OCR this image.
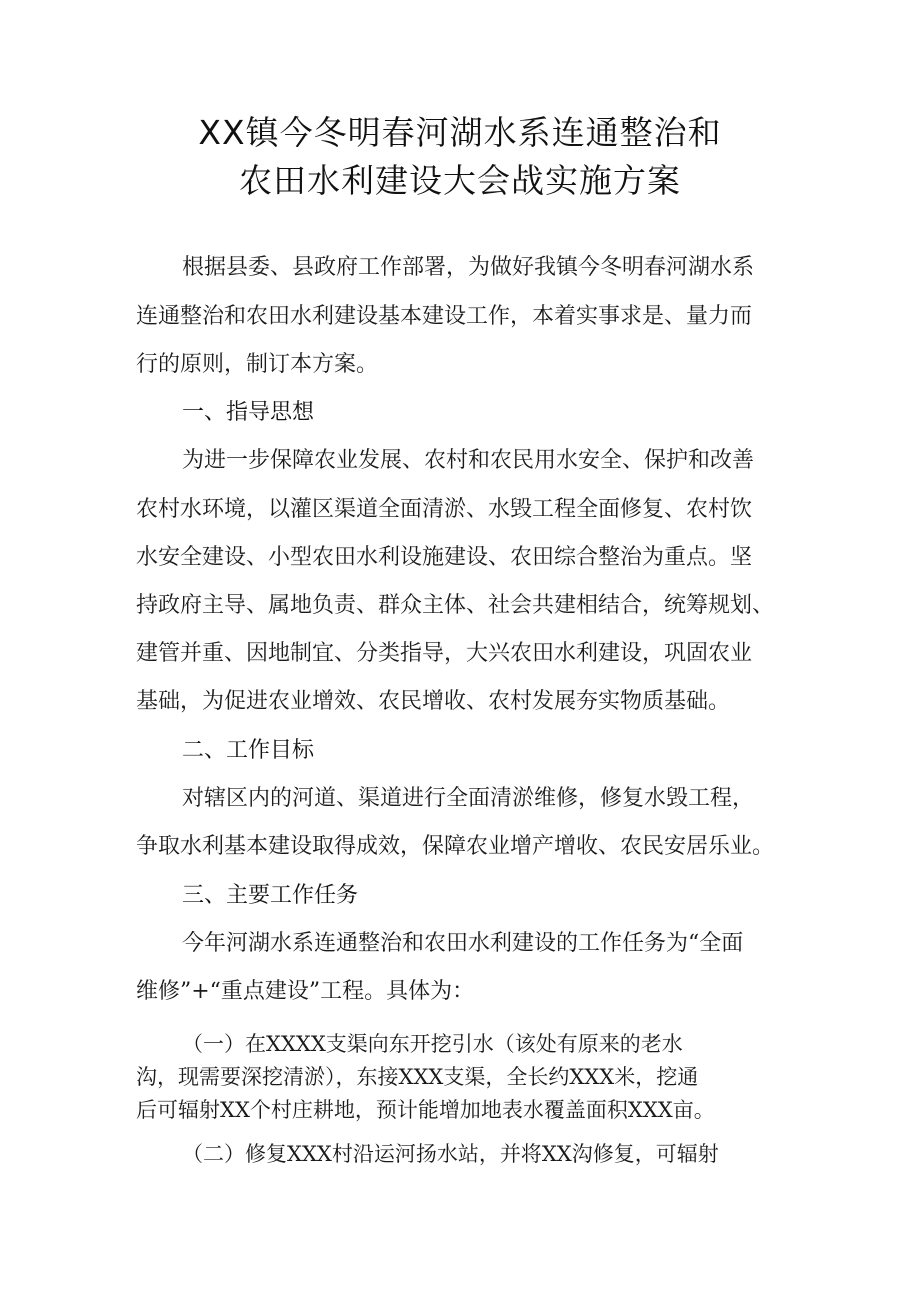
XX镇今冬明春河湖水系连通整治和
农田水利建设大会战实施方案
根据县委、县政府工作部署，为做好我镇今冬明春河湖水系
连通整治和农田水利建设基本建设工作，本着实事求是、量力而
行的原则，制订本方案。
一、指导思想
为进一步保障农业发展、农村和农民用水安全、保护和改善
农村水环境，以灌区渠道全面清淤、水毁工程全面修复、农村饮
水安全建设、小型农田水利设施建设、农田综合整治为重点。坚
持政府主导、属地负责、群众主体、社会共建相结合，统筹规划、
建管并重、因地制宜、分类指导，大兴农田水利建设，巩固农业
基础，为促进农业增效、农民增收、农村发展夯实物质基础。
二、工作目标
对辖区内的河道、渠道进行全面清淤维修，修复水毁工程，
争取水利基本建设取得成效，保障农业增产增收、农民安居乐业。
三、主要工作任务
今年河湖水系连通整治和农田水利建设的工作任务为“全面
维修”+“重点建设”工程。具体为：
（一）在XXXX支渠向东开挖引水（该处有原来的老水
沟，现需要深挖清淤），东接XXX支渠，全长约XXX米，挖通
后可辐射XX个村庄耕地，预计能增加地表水覆盖面积XXX亩。
（二）修复XXX村沿运河扬水站，并将XX沟修复，可辐射
